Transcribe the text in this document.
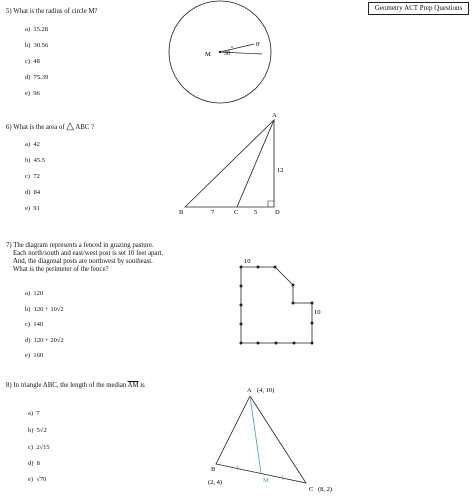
Geometry ACT Prep Questions
5) What is the radius of circle M?
a) 15.28
b) 30.56
c) 48
d) 75.39
e) 96
6) What is the area of △ ABC ?
a) 42
b) 45.5
c) 72
d) 84
e) 91
7) The diagram represents a fenced in grazing pasture.
Each north/south and east/west post is set 10 feet apart.
And, the diagonal posts are northwest by southeast.
What is the perimeter of the fence?
a) 120
b) 120 + 10√2
c) 140
d) 120 + 20√2
e) 160
8) In triangle ABC, the length of the median $\overline{AM}$ is
a) 7
b) 5√2
c) 2√15
d) 8
e) √70
M 30
o	8'
A
B	C	D
7	5
12
10
10
A (4, 10)
B
(2, 4)
C (8, 2)
M
